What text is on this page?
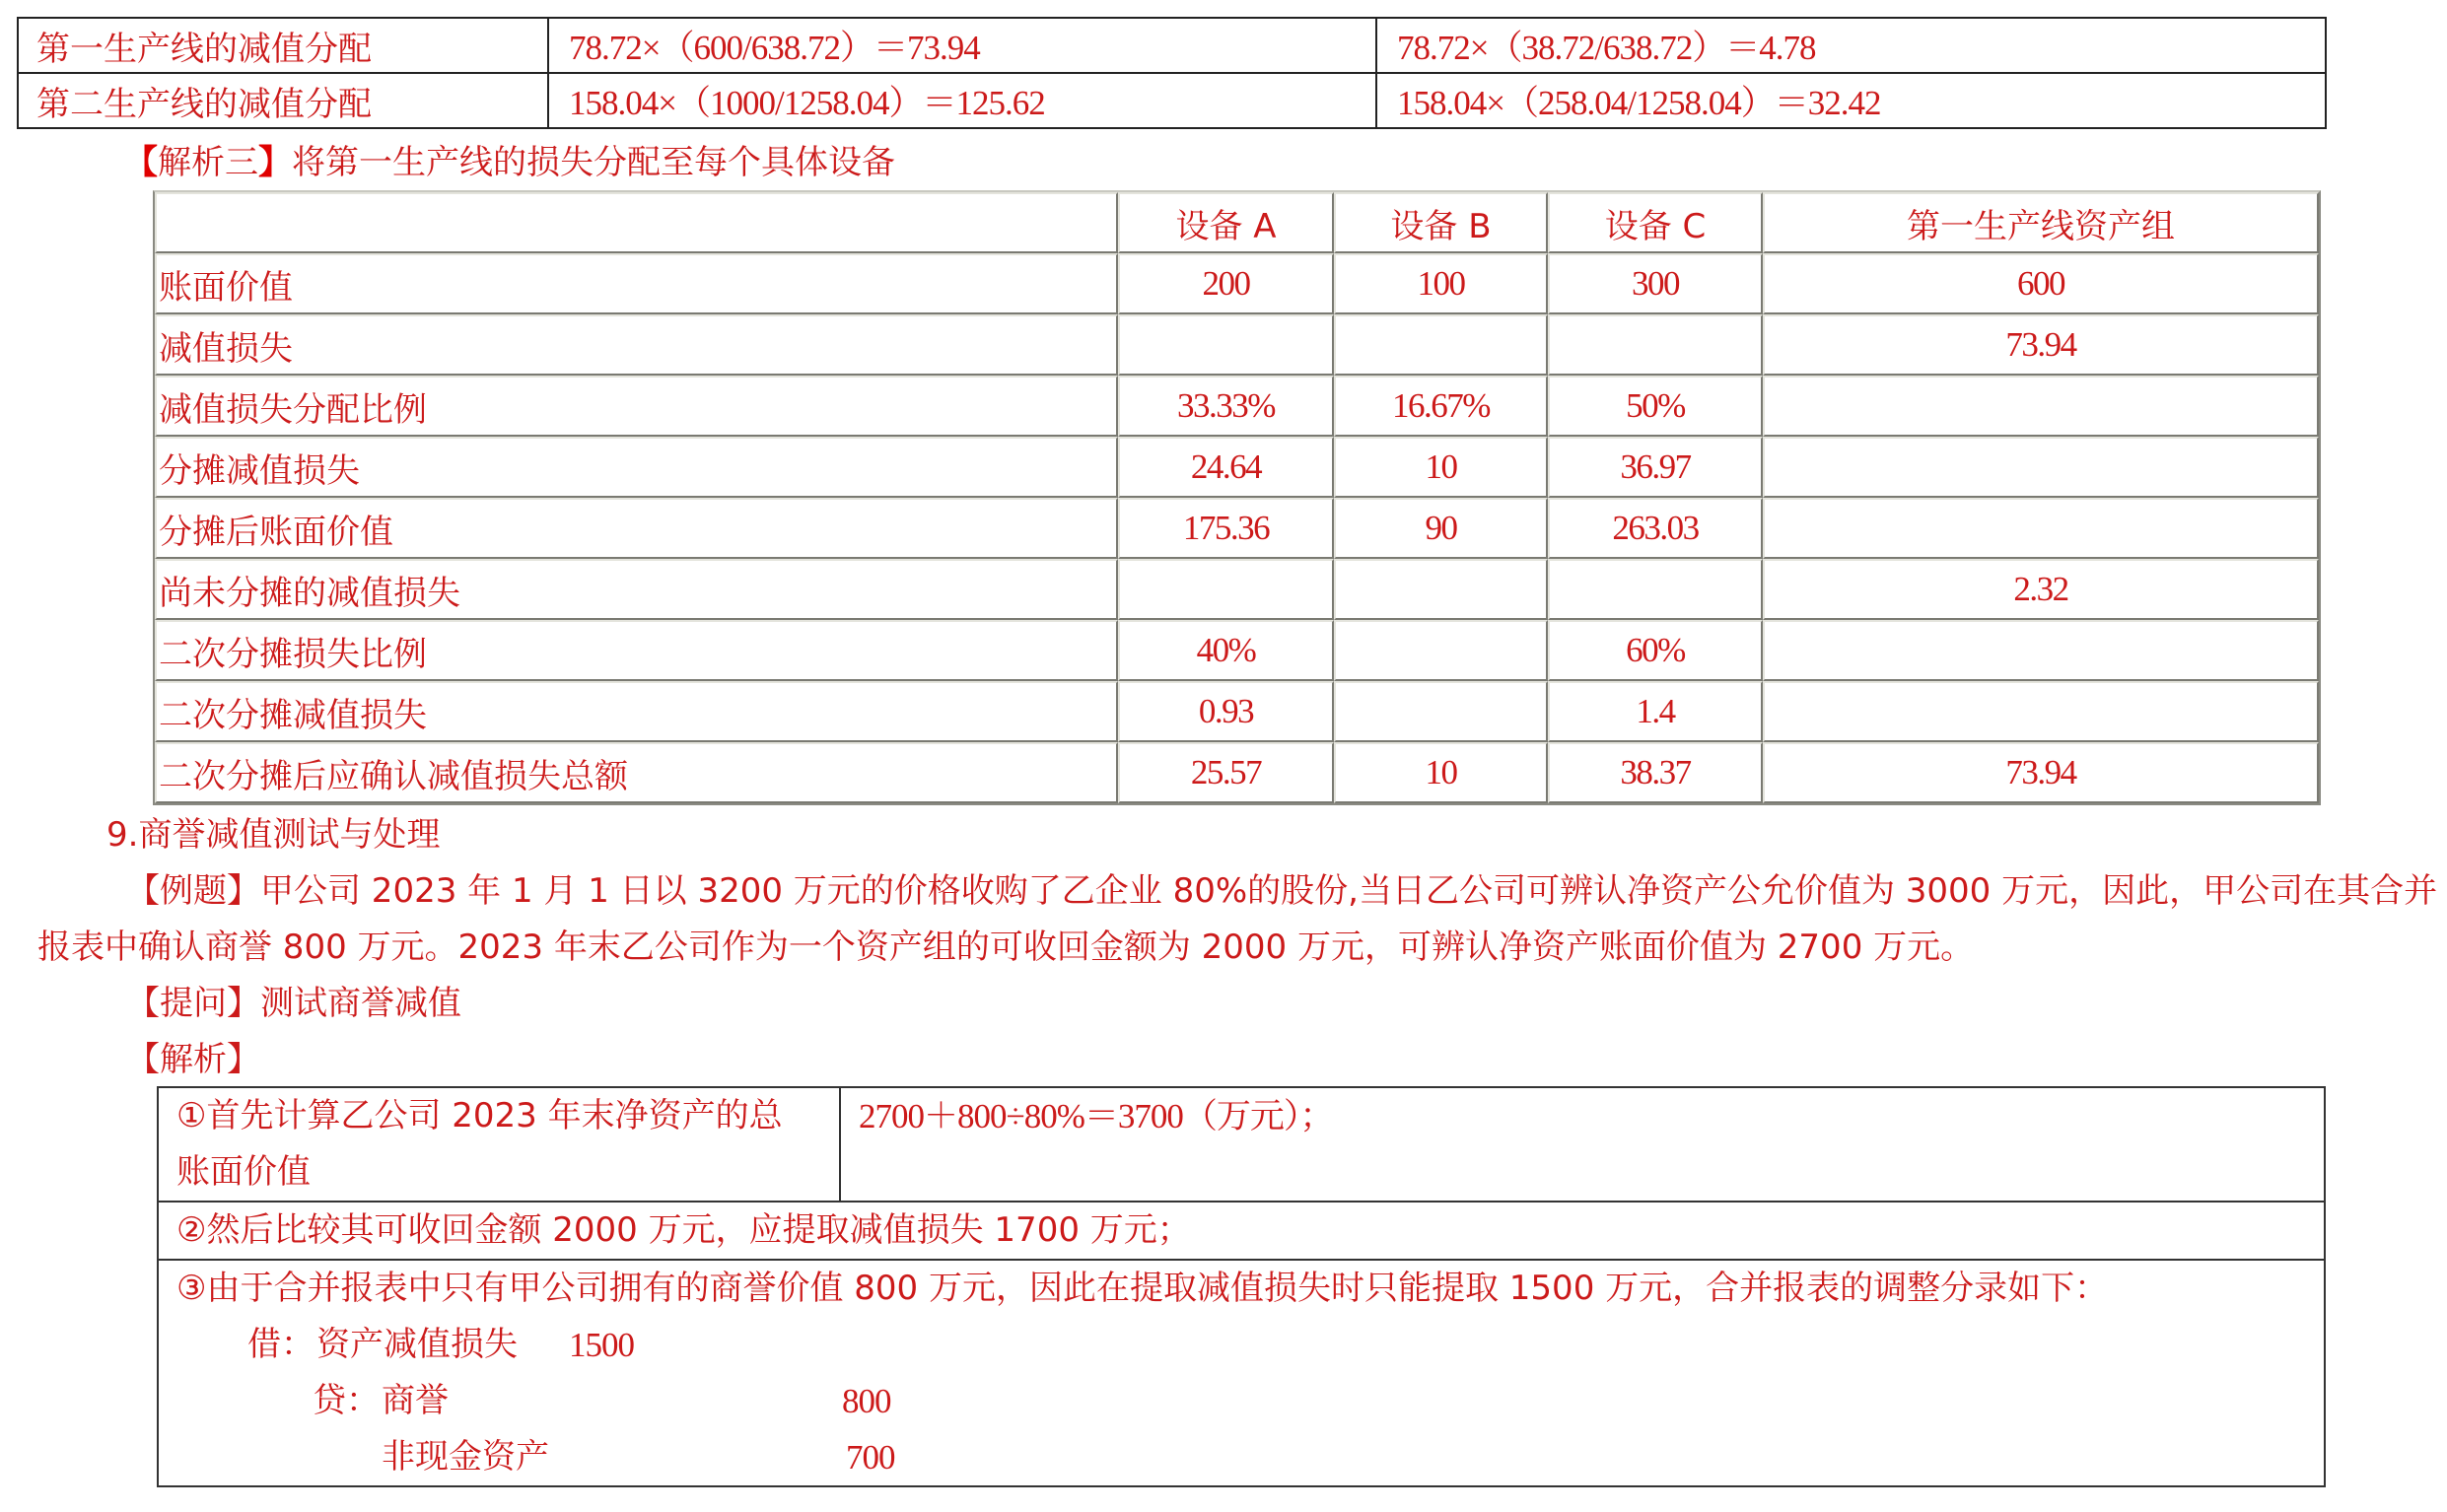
第一生产线的减值分配	78.72×（600/638.72）＝73.94	78.72×（38.72/638.72）＝4.78
第二生产线的减值分配	158.04×（1000/1258.04）＝125.62	158.04×（258.04/1258.04）＝32.42
【解析三】将第一生产线的损失分配至每个具体设备
	设备 A	设备 B	设备 C	第一生产线资产组
账面价值	200	100	300	600
减值损失				73.94
减值损失分配比例	33.33%	16.67%	50%	
分摊减值损失	24.64	10	36.97	
分摊后账面价值	175.36	90	263.03	
尚未分摊的减值损失				2.32
二次分摊损失比例	40%		60%	
二次分摊减值损失	0.93		1.4	
二次分摊后应确认减值损失总额	25.57	10	38.37	73.94
9.商誉减值测试与处理
【例题】甲公司 2023 年 1 月 1 日以 3200 万元的价格收购了乙企业 80%的股份,当日乙公司可辨认净资产公允价值为 3000 万元，因此，甲公司在其合并
报表中确认商誉 800 万元。2023 年末乙公司作为一个资产组的可收回金额为 2000 万元，可辨认净资产账面价值为 2700 万元。
【提问】测试商誉减值
【解析】
①首先计算乙公司 2023 年末净资产的总
账面价值

2700＋800÷80%＝3700（万元）；

②然后比较其可收回金额 2000 万元，应提取减值损失 1700 万元；

③由于合并报表中只有甲公司拥有的商誉价值 800 万元，因此在提取减值损失时只能提取 1500 万元，合并报表的调整分录如下：
借： 资产减值损失 1500
贷： 商誉	800
非现金资产	700
